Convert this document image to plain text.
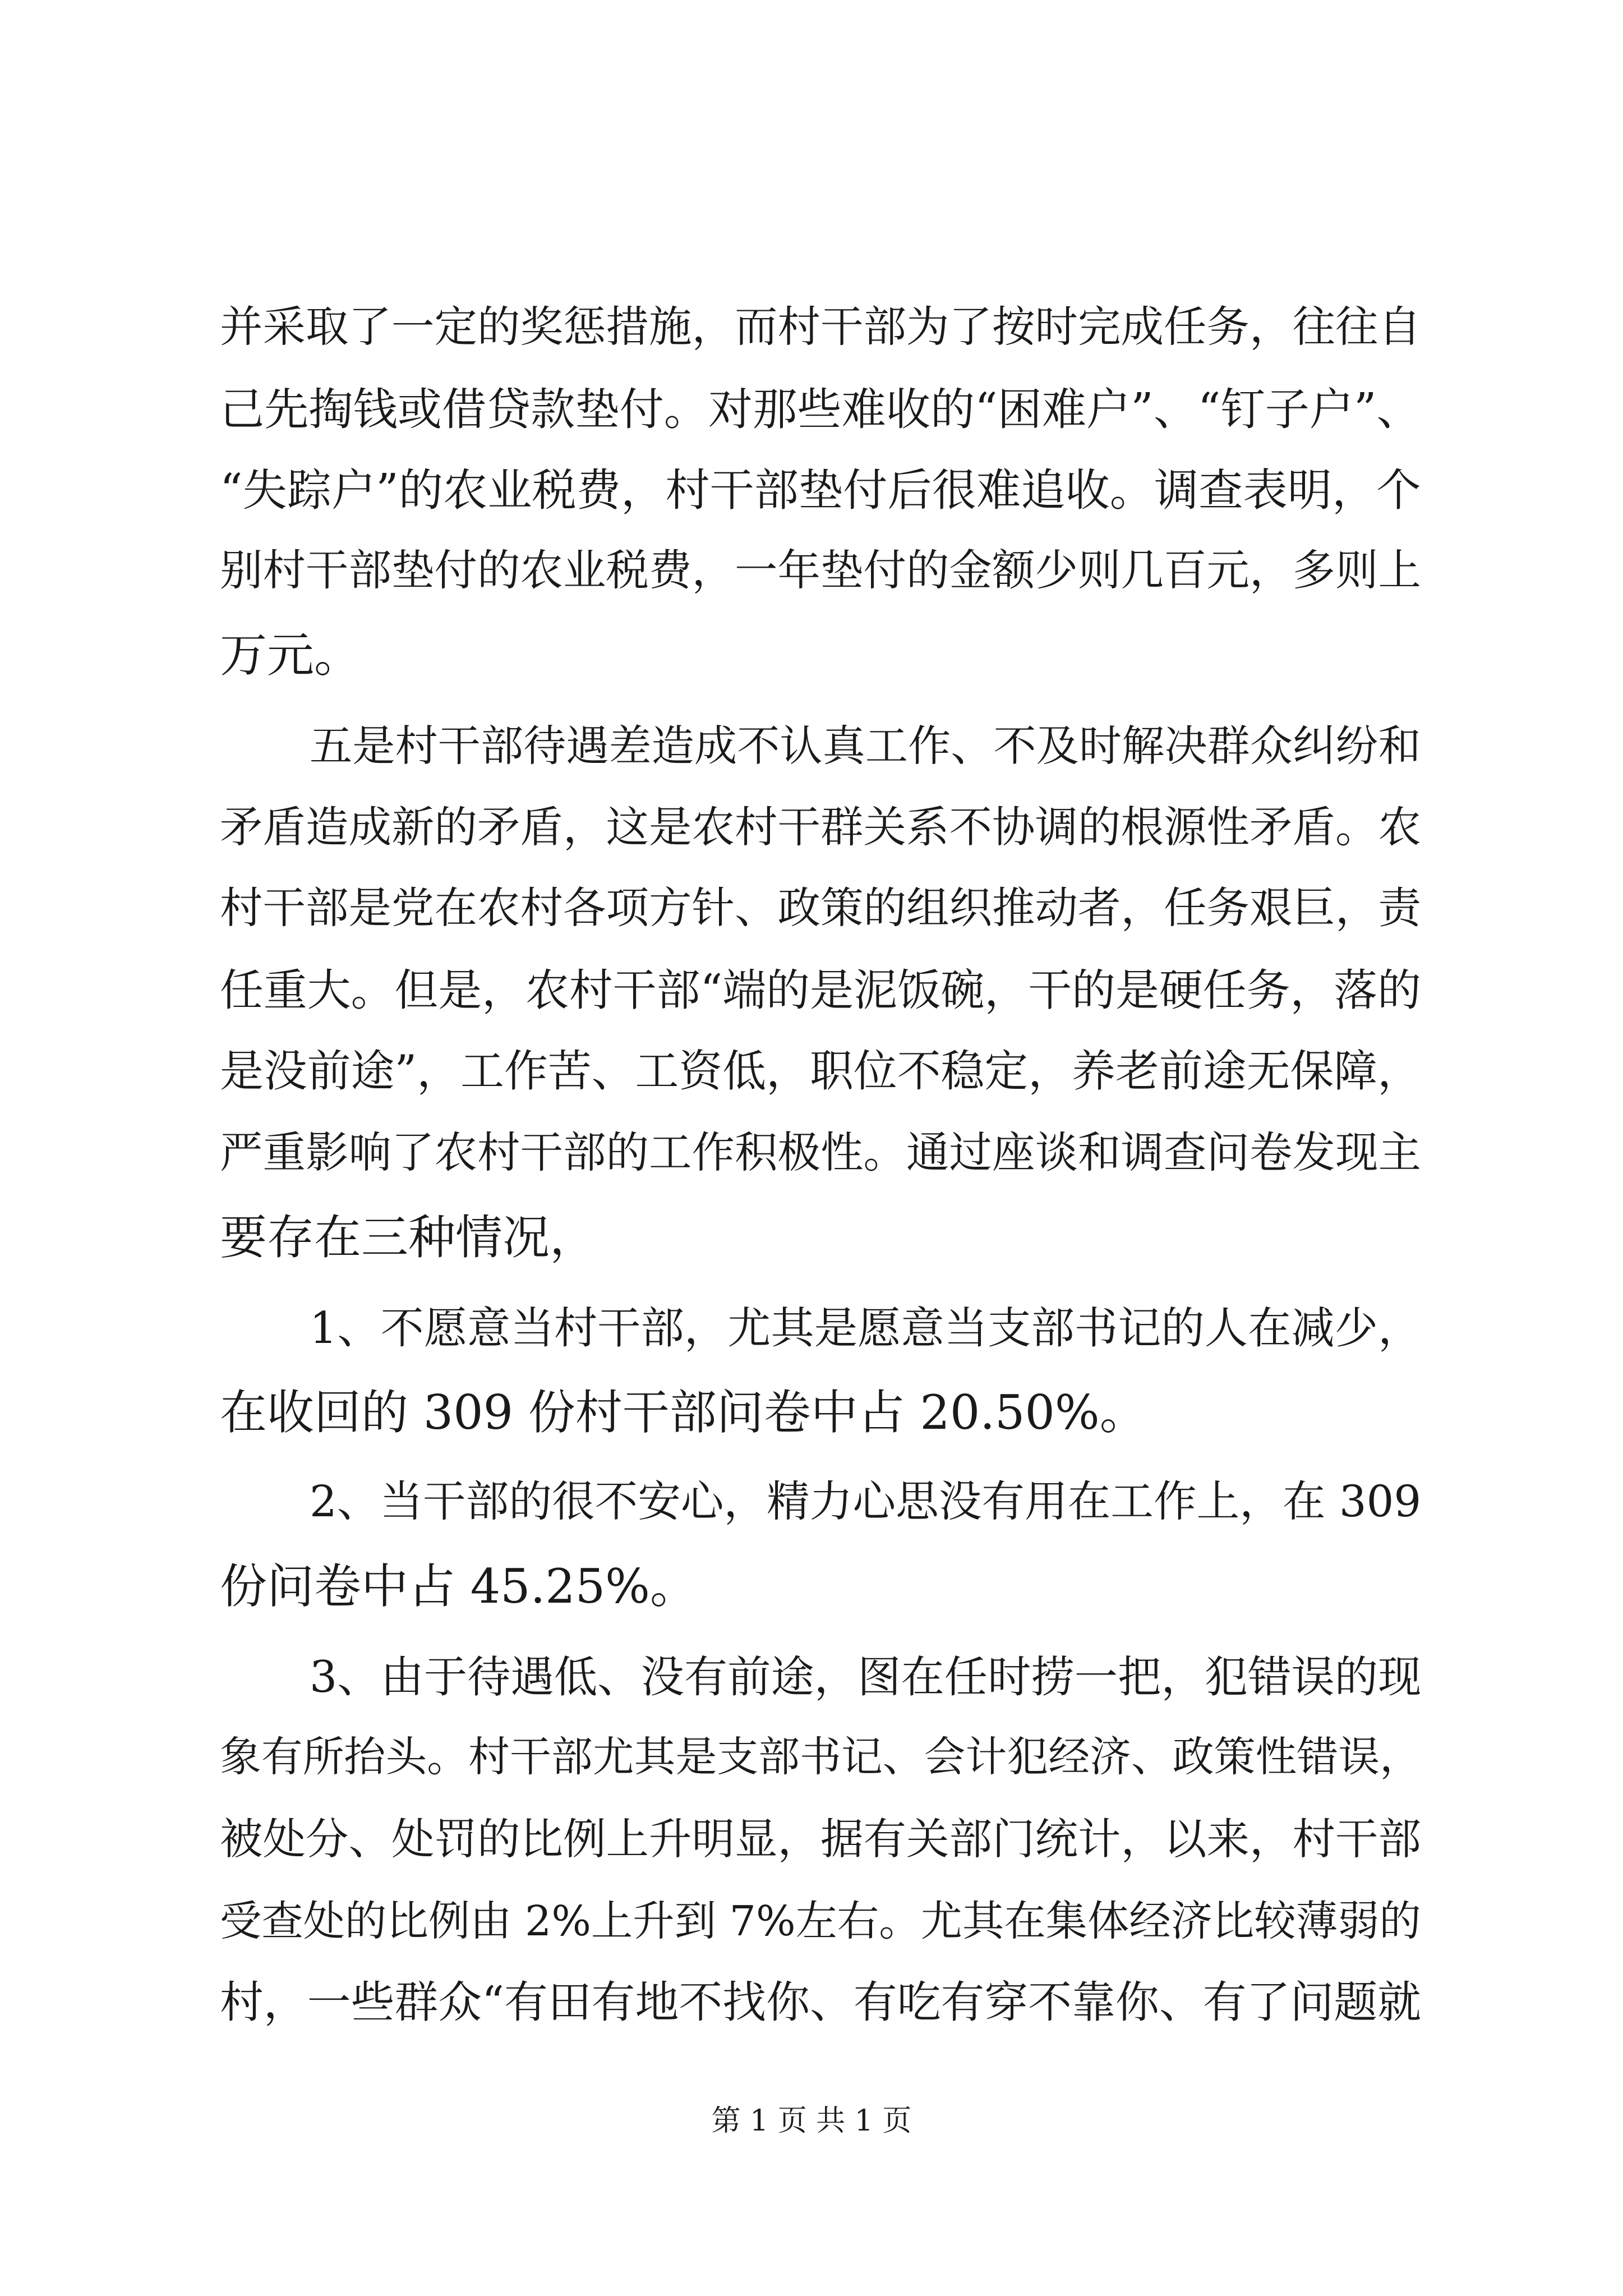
并采取了一定的奖惩措施，而村干部为了按时完成任务，往往自
己先掏钱或借贷款垫付。对那些难收的“困难户”、“钉子户”、
“失踪户”的农业税费，村干部垫付后很难追收。调查表明，个
别村干部垫付的农业税费，一年垫付的金额少则几百元，多则上
万元。
五是村干部待遇差造成不认真工作、不及时解决群众纠纷和
矛盾造成新的矛盾，这是农村干群关系不协调的根源性矛盾。农
村干部是党在农村各项方针、政策的组织推动者，任务艰巨，责
任重大。但是，农村干部“端的是泥饭碗，干的是硬任务，落的
是没前途”，工作苦、工资低，职位不稳定，养老前途无保障，
严重影响了农村干部的工作积极性。通过座谈和调查问卷发现主
要存在三种情况，
1、不愿意当村干部，尤其是愿意当支部书记的人在减少，
在收回的 309 份村干部问卷中占 20.50%。
2、当干部的很不安心，精力心思没有用在工作上，在 309
份问卷中占 45.25%。
3、由于待遇低、没有前途，图在任时捞一把，犯错误的现
象有所抬头。村干部尤其是支部书记、会计犯经济、政策性错误，
被处分、处罚的比例上升明显，据有关部门统计，以来，村干部
受查处的比例由 2%上升到 7%左右。尤其在集体经济比较薄弱的
村，一些群众“有田有地不找你、有吃有穿不靠你、有了问题就
第 1 页 共 1 页
